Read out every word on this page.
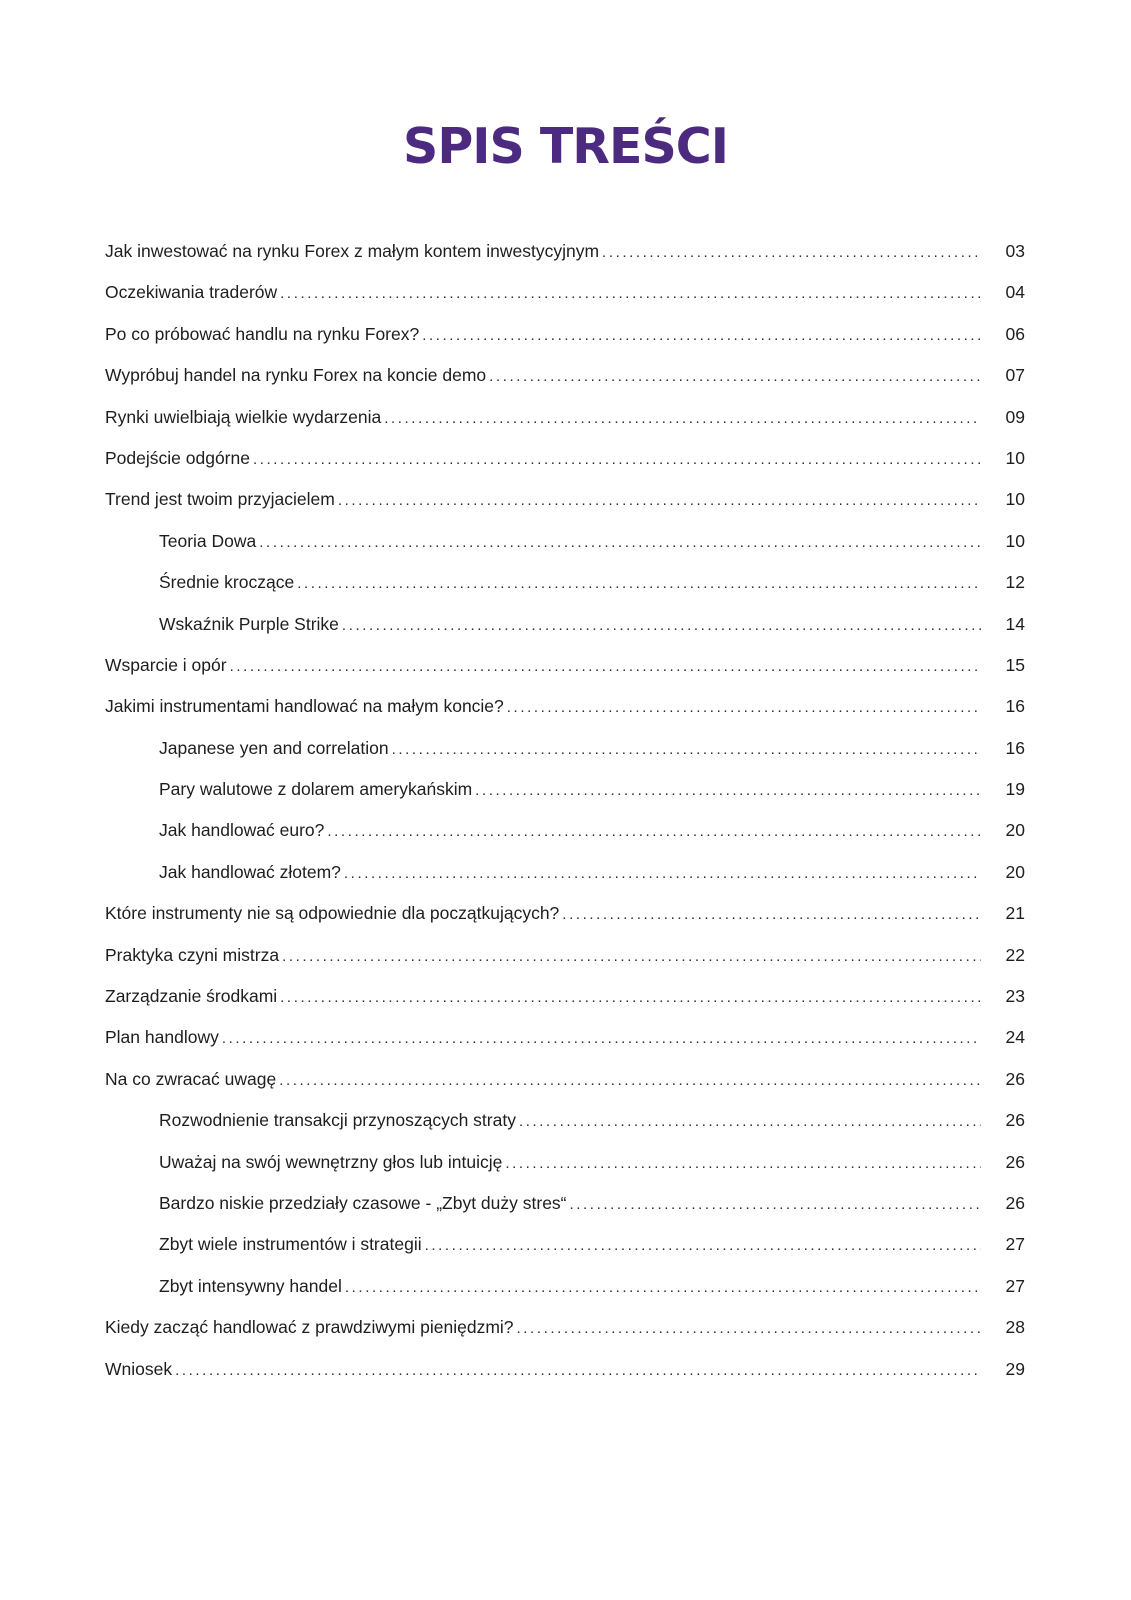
SPIS TREŚCI
Jak inwestować na rynku Forex z małym kontem inwestycyjnym .....	03
Oczekiwania traderów .....	04
Po co próbować handlu na rynku Forex? .....	06
Wypróbuj handel na rynku Forex na koncie demo .....	07
Rynki uwielbiają wielkie wydarzenia .....	09
Podejście odgórne .....	10
Trend jest twoim przyjacielem .....	10
Teoria Dowa .....	10
Średnie kroczące .....	12
Wskaźnik Purple Strike .....	14
Wsparcie i opór .....	15
Jakimi instrumentami handlować na małym koncie? .....	16
Japanese yen and correlation .....	16
Pary walutowe z dolarem amerykańskim .....	19
Jak handlować euro? .....	20
Jak handlować złotem? .....	20
Które instrumenty nie są odpowiednie dla początkujących? .....	21
Praktyka czyni mistrza .....	22
Zarządzanie środkami .....	23
Plan handlowy .....	24
Na co zwracać uwagę .....	26
Rozwodnienie transakcji przynoszących straty .....	26
Uważaj na swój wewnętrzny głos lub intuicję .....	26
Bardzo niskie przedziały czasowe - „Zbyt duży stres“ .....	26
Zbyt wiele instrumentów i strategii .....	27
Zbyt intensywny handel .....	27
Kiedy zacząć handlować z prawdziwymi pieniędzmi? .....	28
Wniosek .....	29
